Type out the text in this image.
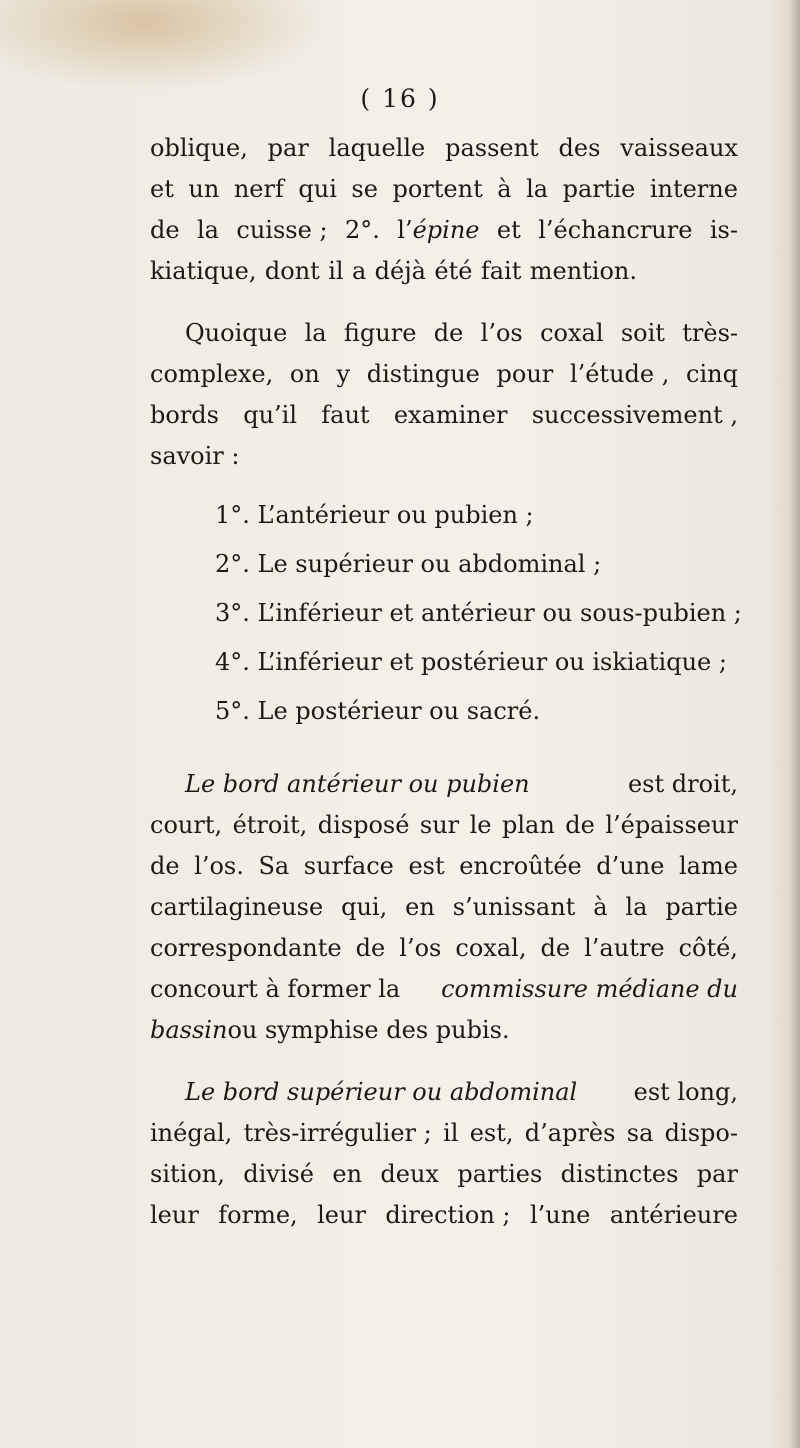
( 16 )
oblique, par laquelle passent des vaisseaux
et un nerf qui se portent à la partie interne
de la cuisse ; 2°. l’épine et l’échancrure is-
kiatique, dont il a déjà été fait mention.
Quoique la figure de l’os coxal soit très-
complexe, on y distingue pour l’étude , cinq
bords qu’il faut examiner successivement ,
savoir :
1°. L’antérieur ou pubien ;
2°. Le supérieur ou abdominal ;
3°. L’inférieur et antérieur ou sous-pubien ;
4°. L’inférieur et postérieur ou iskiatique ;
5°. Le postérieur ou sacré.
Le bord antérieur ou pubien	est droit,
court, étroit, disposé sur le plan de l’épaisseur
de l’os. Sa surface est encroûtée d’une lame
cartilagineuse qui, en s’unissant à la partie
correspondante de l’os coxal, de l’autre côté,
concourt à former la commissure médiane du
bassin ou symphise des pubis.
Le bord supérieur ou abdominal est long,
inégal, très-irrégulier ; il est, d’après sa dispo-
sition, divisé en deux parties distinctes par
leur forme, leur direction ; l’une antérieure
